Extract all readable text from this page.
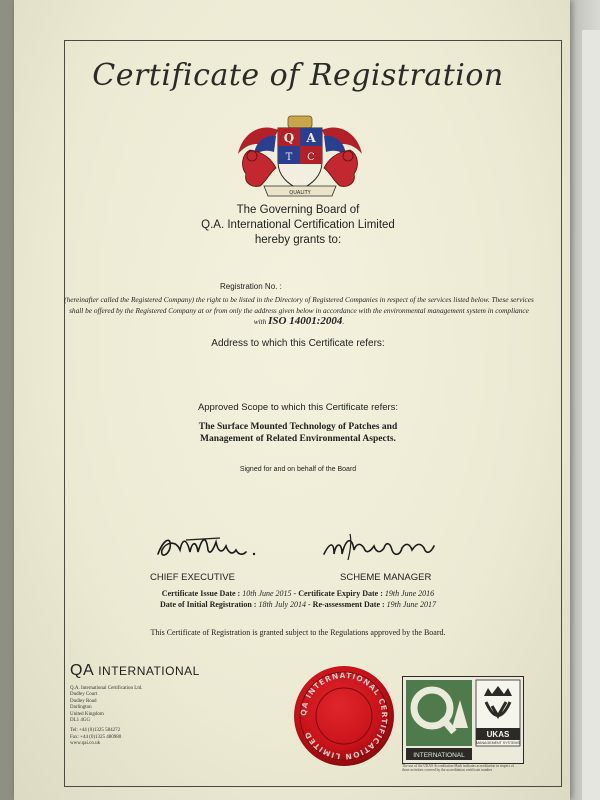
Certificate of Registration
Q A
T C
QUALITY
The Governing Board of
Q.A. International Certification Limited
hereby grants to:
Registration No. :
(hereinafter called the Registered Company) the right to be listed in the Directory of Registered Companies in respect of the services listed below. These services shall be offered by the Registered Company at or from only the address given below in accordance with the environmental management system in compliance with ISO 14001:2004.
Address to which this Certificate refers:
Approved Scope to which this Certificate refers:
The Surface Mounted Technology of Patches and
Management of Related Environmental Aspects.
Signed for and on behalf of the Board
CHIEF EXECUTIVE	SCHEME MANAGER
Certificate Issue Date : 10th June 2015 - Certificate Expiry Date : 19th June 2016
Date of Initial Registration : 18th July 2014 - Re-assessment Date : 19th June 2017
This Certificate of Registration is granted subject to the Regulations approved by the Board.
QA INTERNATIONAL
Q.A. International Certification Ltd.
Dudley Court
Dudley Road
Darlington
United Kingdom
DL1 4GG
Tel: +44 (0)1325 584272
Fax: +44 (0)1325 480980
www.qai.co.uk
QA INTERNATIONAL CERTIFICATION LIMITED
INTERNATIONAL
UKAS
MANAGEMENT SYSTEMS
The use of the UKAS Accreditation Mark indicates accreditation in respect of those activities covered by the accreditation certificate number
